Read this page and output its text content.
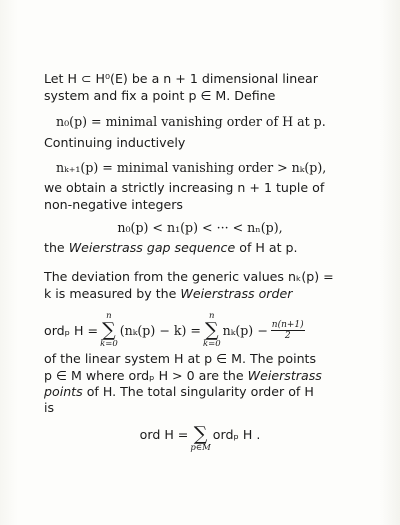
Let H ⊂ H⁰(E) be a n + 1 dimensional linear
system and fix a point p ∈ M. Define
n₀(p) = minimal vanishing order of H at p.
Continuing inductively
nₖ₊₁(p) = minimal vanishing order > nₖ(p),
we obtain a strictly increasing n + 1 tuple of
non-negative integers
n₀(p) < n₁(p) < ··· < nₙ(p),
the Weierstrass gap sequence of H at p.
The deviation from the generic values nₖ(p) =
k is measured by the Weierstrass order
ordₚ H =
n
∑
k=0
(nₖ(p) − k) =
n
∑
k=0
$n_k(p) - \frac{n(n+1)}{2}$
of the linear system H at p ∈ M. The points
p ∈ M where ordₚ H > 0 are the Weierstrass
points of H. The total singularity order of H
is
ord H = ∑
p∈M
ordₚ H .
